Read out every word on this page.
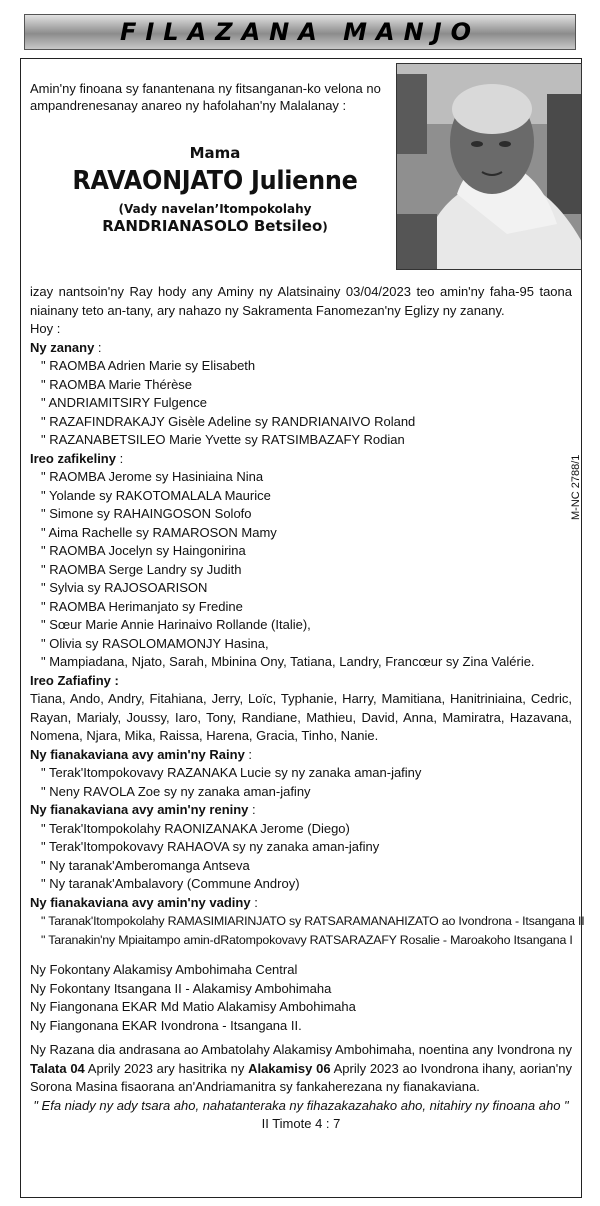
FILAZANA MANJO
Amin'ny finoana sy fanantenana ny fitsanganan-ko velona no ampandrenesanay anareo ny hafolahan'ny Malalanay :
Mama
RAVAONJATO Julienne
(Vady navelan’Itompokolahy
RANDRIANASOLO Betsileo)

izay nantsoin'ny Ray hody any Aminy ny Alatsinainy 03/04/2023 teo amin'ny faha-95 taona niainany teto an-tany, ary nahazo ny Sakramenta Fanomezan'ny Eglizy ny zanany.

Hoy :

Ny zanany :

" RAOMBA Adrien Marie sy Elisabeth
" RAOMBA Marie Thérèse
" ANDRIAMITSIRY Fulgence
" RAZAFINDRAKAJY Gisèle Adeline sy RANDRIANAIVO Roland
" RAZANABETSILEO Marie Yvette sy RATSIMBAZAFY Rodian

Ireo zafikeliny :

" RAOMBA Jerome sy Hasiniaina Nina
" Yolande sy RAKOTOMALALA Maurice
" Simone sy RAHAINGOSON Solofo
" Aima Rachelle sy RAMAROSON Mamy
" RAOMBA Jocelyn sy Haingonirina
" RAOMBA Serge Landry sy Judith
" Sylvia sy RAJOSOARISON
" RAOMBA Herimanjato sy Fredine
" Sœur Marie Annie Harinaivo Rollande (Italie),
" Olivia sy RASOLOMAMONJY Hasina,
" Mampiadana, Njato, Sarah, Mbinina Ony, Tatiana, Landry, Francœur sy Zina Valérie.

Ireo Zafiafiny :

Tiana, Ando, Andry, Fitahiana, Jerry, Loïc, Typhanie, Harry, Mamitiana, Hanitriniaina, Cedric, Rayan, Marialy, Joussy, Iaro, Tony, Randiane, Mathieu, David, Anna, Mamiratra, Hazavana, Nomena, Njara, Mika, Raissa, Harena, Gracia, Tinho, Nanie.

Ny fianakaviana avy amin'ny Rainy :

" Terak'Itompokovavy RAZANAKA Lucie sy ny zanaka aman-jafiny
" Neny RAVOLA Zoe sy ny zanaka aman-jafiny

Ny fianakaviana avy amin'ny reniny :

" Terak'Itompokolahy RAONIZANAKA Jerome (Diego)
" Terak'Itompokovavy RAHAOVA sy ny zanaka aman-jafiny
" Ny taranak'Amberomanga Antseva
" Ny taranak'Ambalavory (Commune Androy)

Ny fianakaviana avy amin'ny vadiny :

" Taranak'Itompokolahy RAMASIMIARINJATO sy RATSARAMANAHIZATO ao Ivondrona - Itsangana II
" Taranakin'ny Mpiaitampo amin-dRatompokovavy RATSARAZAFY Rosalie - Maroakoho Itsangana I

Ny Fokontany Alakamisy Ambohimaha Central

Ny Fokontany Itsangana II - Alakamisy Ambohimaha

Ny Fiangonana EKAR Md Matio Alakamisy Ambohimaha

Ny Fiangonana EKAR Ivondrona - Itsangana II.

Ny Razana dia andrasana ao Ambatolahy Alakamisy Ambohimaha, noentina any Ivondrona ny Talata 04 Aprily 2023 ary hasitrika ny Alakamisy 06 Aprily 2023 ao Ivondrona ihany, aorian'ny Sorona Masina fisaorana an'Andriamanitra sy fankaherezana ny fianakaviana.

" Efa niady ny ady tsara aho, nahatanteraka ny fihazakazahako aho, nitahiry ny finoana aho "

II Timote 4 : 7

M-NC 2788/1
